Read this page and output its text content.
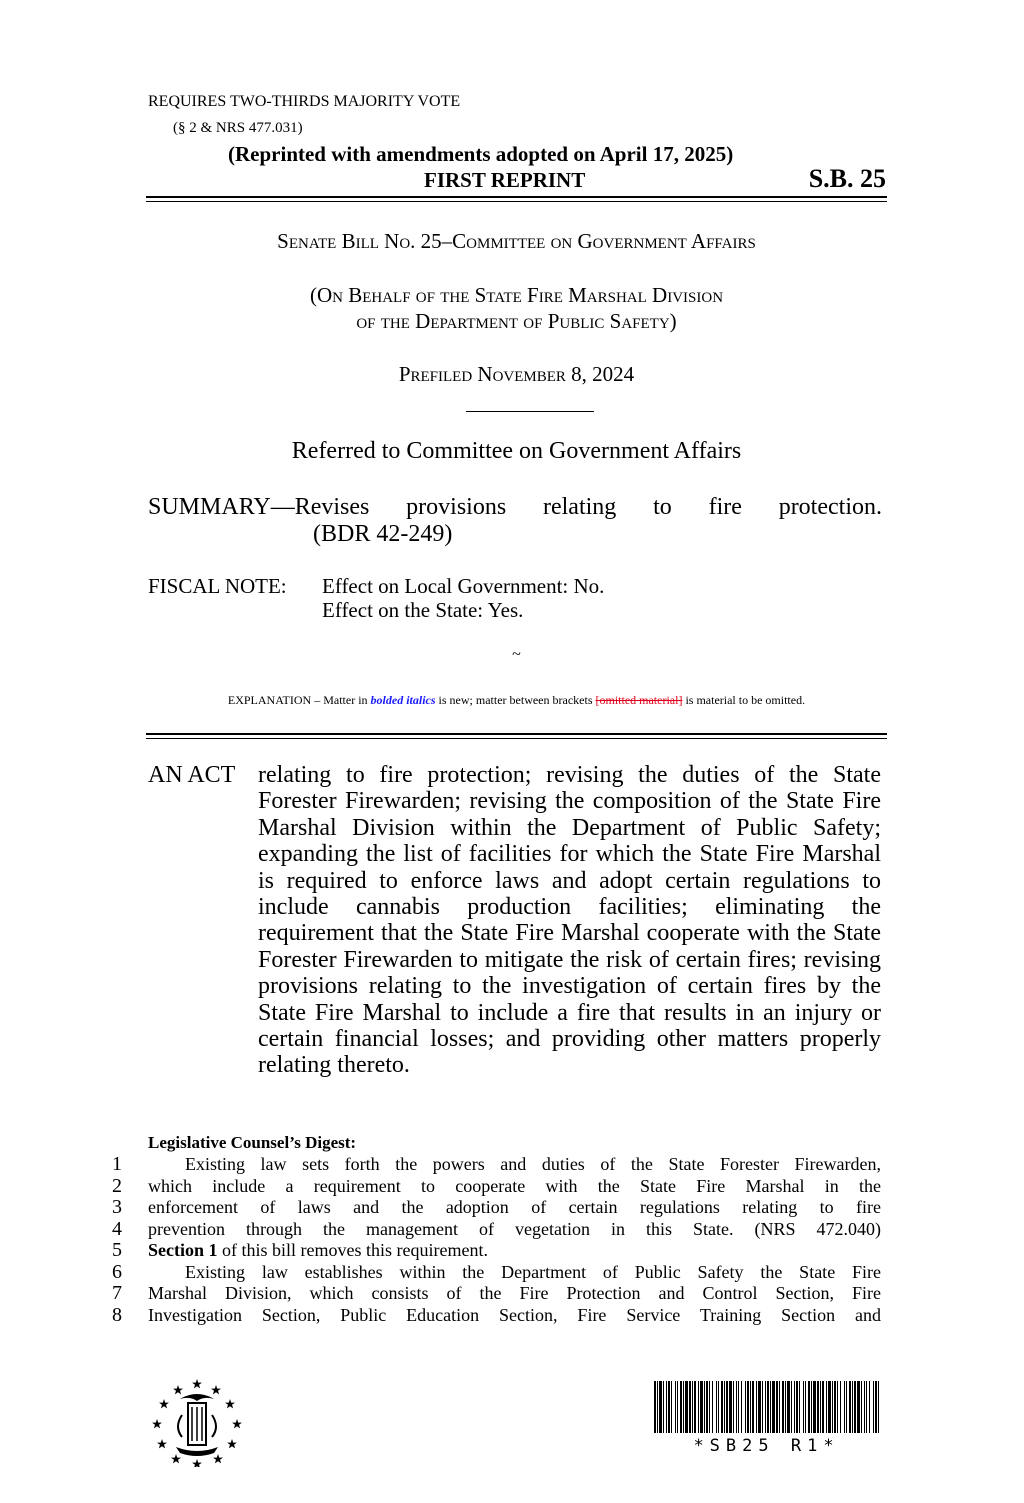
REQUIRES TWO-THIRDS MAJORITY VOTE
(§ 2 & NRS 477.031)
(Reprinted with amendments adopted on April 17, 2025)
FIRST REPRINT	S.B. 25
Senate Bill No. 25–Committee on Government Affairs
(On Behalf of the State Fire Marshal Division
of the Department of Public Safety)
Prefiled November 8, 2024
Referred to Committee on Government Affairs
SUMMARY—Revises provisions relating to fire protection.
(BDR 42-249)
FISCAL NOTE: Effect on Local Government: No.
Effect on the State: Yes.
~
EXPLANATION – Matter in bolded italics is new; matter between brackets [omitted material] is material to be omitted.
AN ACT relating to fire protection; revising the duties of the State Forester Firewarden; revising the composition of the State Fire Marshal Division within the Department of Public Safety; expanding the list of facilities for which the State Fire Marshal is required to enforce laws and adopt certain regulations to include cannabis production facilities; eliminating the requirement that the State Fire Marshal cooperate with the State Forester Firewarden to mitigate the risk of certain fires; revising provisions relating to the investigation of certain fires by the State Fire Marshal to include a fire that results in an injury or certain financial losses; and providing other matters properly relating thereto.
Legislative Counsel’s Digest:
1	Existing law sets forth the powers and duties of the State Forester Firewarden,
2 which include a requirement to cooperate with the State Fire Marshal in the
3 enforcement of laws and the adoption of certain regulations relating to fire
4 prevention through the management of vegetation in this State. (NRS 472.040)
5 Section 1 of this bill removes this requirement.
6	Existing law establishes within the Department of Public Safety the State Fire
7 Marshal Division, which consists of the Fire Protection and Control Section, Fire
8 Investigation Section, Public Education Section, Fire Service Training Section and
*SB25 R1*
